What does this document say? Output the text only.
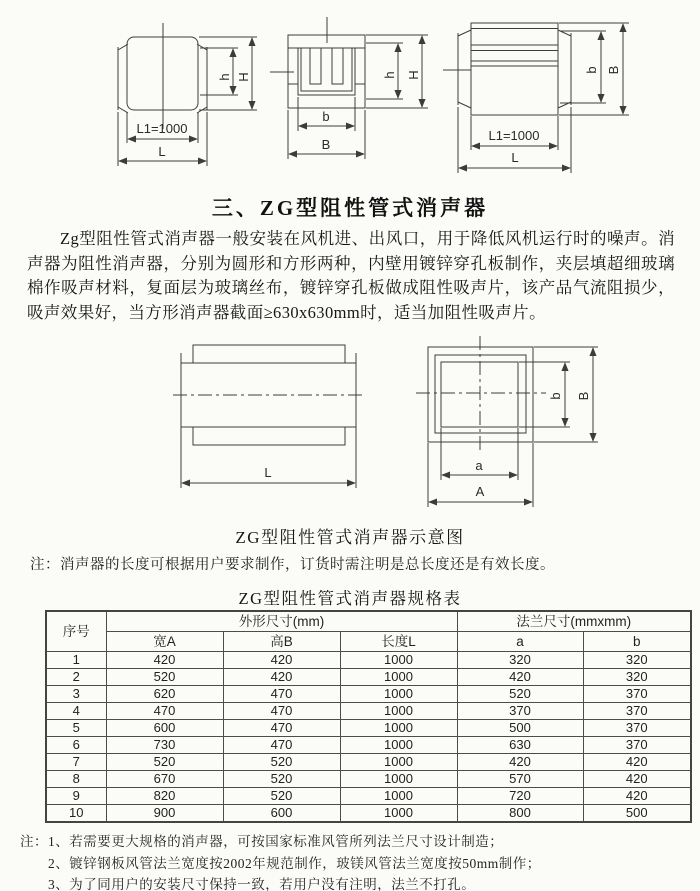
h H
L1=1000
L
h H
b
B
b B
L1=1000
L
三、ZG型阻性管式消声器
Zg型阻性管式消声器一般安装在风机进、出风口，用于降低风机运行时的噪声。消声器为阻性消声器，分别为圆形和方形两种，内壁用镀锌穿孔板制作，夹层填超细玻璃棉作吸声材料，复面层为玻璃丝布，镀锌穿孔板做成阻性吸声片，该产品气流阻损少，吸声效果好，当方形消声器截面≥630x630mm时，适当加阻性吸声片。
L
b B
a
A
ZG型阻性管式消声器示意图
注：消声器的长度可根据用户要求制作，订货时需注明是总长度还是有效长度。
ZG型阻性管式消声器规格表
序号	外形尺寸(mm)			法兰尺寸(mmxmm)	
	宽A	高B	长度L	a	b
1	420	420	1000	320	320
2	520	420	1000	420	320
3	620	470	1000	520	370
4	470	470	1000	370	370
5	600	470	1000	500	370
6	730	470	1000	630	370
7	520	520	1000	420	420
8	670	520	1000	570	420
9	820	520	1000	720	420
10	900	600	1000	800	500
注：1、若需要更大规格的消声器，可按国家标准风管所列法兰尺寸设计制造；
2、镀锌钢板风管法兰宽度按2002年规范制作，玻镁风管法兰宽度按50mm制作；
3、为了同用户的安装尺寸保持一致，若用户没有注明，法兰不打孔。
